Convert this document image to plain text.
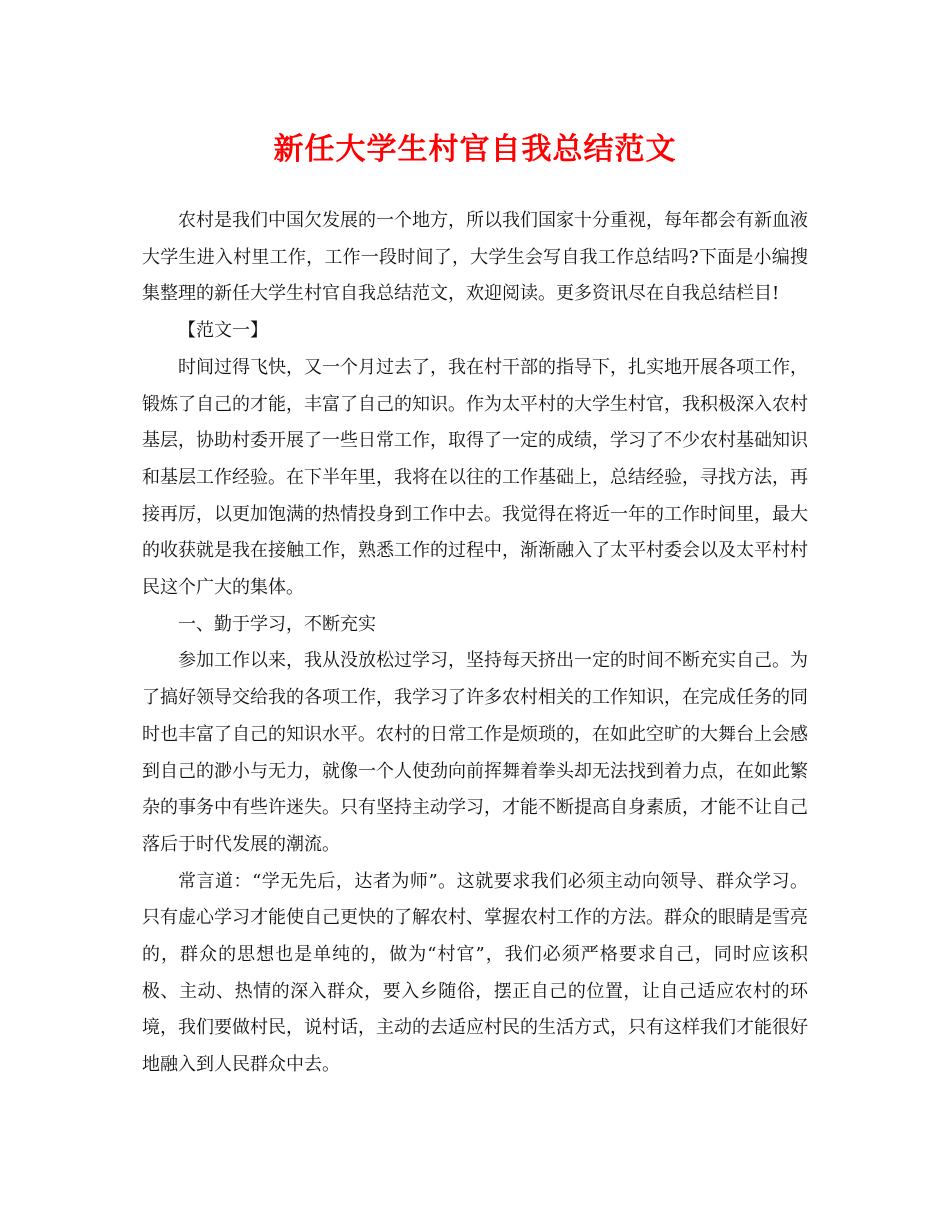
新任大学生村官自我总结范文

农村是我们中国欠发展的一个地方，所以我们国家十分重视，每年都会有新血液大学生进入村里工作，工作一段时间了，大学生会写自我工作总结吗?下面是小编搜集整理的新任大学生村官自我总结范文，欢迎阅读。更多资讯尽在自我总结栏目!

【范文一】

时间过得飞快，又一个月过去了，我在村干部的指导下，扎实地开展各项工作，锻炼了自己的才能，丰富了自己的知识。作为太平村的大学生村官，我积极深入农村基层，协助村委开展了一些日常工作，取得了一定的成绩，学习了不少农村基础知识和基层工作经验。在下半年里，我将在以往的工作基础上，总结经验，寻找方法，再接再厉，以更加饱满的热情投身到工作中去。我觉得在将近一年的工作时间里，最大的收获就是我在接触工作，熟悉工作的过程中，渐渐融入了太平村委会以及太平村村民这个广大的集体。

一、勤于学习，不断充实

参加工作以来，我从没放松过学习，坚持每天挤出一定的时间不断充实自己。为了搞好领导交给我的各项工作，我学习了许多农村相关的工作知识，在完成任务的同时也丰富了自己的知识水平。农村的日常工作是烦琐的，在如此空旷的大舞台上会感到自己的渺小与无力，就像一个人使劲向前挥舞着拳头却无法找到着力点，在如此繁杂的事务中有些许迷失。只有坚持主动学习，才能不断提高自身素质，才能不让自己落后于时代发展的潮流。

常言道：“学无先后，达者为师”。这就要求我们必须主动向领导、群众学习。只有虚心学习才能使自己更快的了解农村、掌握农村工作的方法。群众的眼睛是雪亮的，群众的思想也是单纯的，做为“村官”，我们必须严格要求自己，同时应该积极、主动、热情的深入群众，要入乡随俗，摆正自己的位置，让自己适应农村的环境，我们要做村民，说村话，主动的去适应村民的生活方式，只有这样我们才能很好地融入到人民群众中去。
